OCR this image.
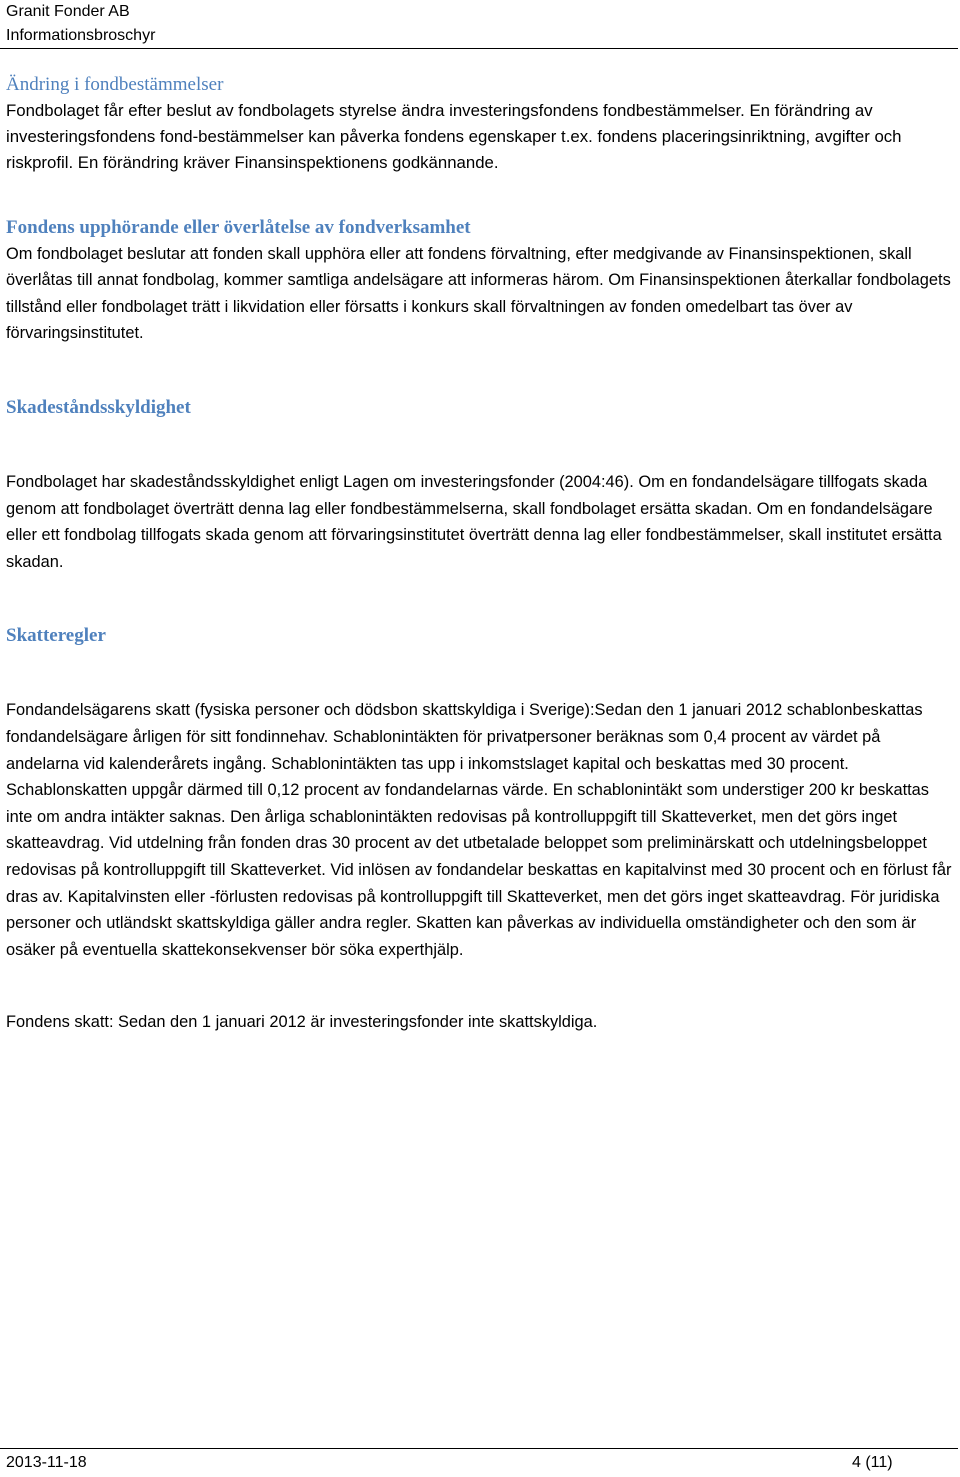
Granit Fonder AB
Informationsbroschyr
Ändring i fondbestämmelser

Fondbolaget får efter beslut av fondbolagets styrelse ändra investeringsfondens fondbestämmelser. En förändring av investeringsfondens fond-bestämmelser kan påverka fondens egenskaper t.ex. fondens placeringsinriktning, avgifter och riskprofil. En förändring kräver Finansinspektionens godkännande.

Fondens upphörande eller överlåtelse av fondverksamhet

Om fondbolaget beslutar att fonden skall upphöra eller att fondens förvaltning, efter medgivande av Finansinspektionen, skall överlåtas till annat fondbolag, kommer samtliga andelsägare att informeras härom. Om Finansinspektionen återkallar fondbolagets tillstånd eller fondbolaget trätt i likvidation eller försatts i konkurs skall förvaltningen av fonden omedelbart tas över av förvaringsinstitutet.

Skadeståndsskyldighet

Fondbolaget har skadeståndsskyldighet enligt Lagen om investeringsfonder (2004:46). Om en fondandelsägare tillfogats skada genom att fondbolaget överträtt denna lag eller fondbestämmelserna, skall fondbolaget ersätta skadan. Om en fondandelsägare eller ett fondbolag tillfogats skada genom att förvaringsinstitutet överträtt denna lag eller fondbestämmelser, skall institutet ersätta skadan.

Skatteregler

Fondandelsägarens skatt (fysiska personer och dödsbon skattskyldiga i Sverige):Sedan den 1 januari 2012 schablonbeskattas fondandelsägare årligen för sitt fondinnehav. Schablonintäkten för privatpersoner beräknas som 0,4 procent av värdet på andelarna vid kalenderårets ingång. Schablonintäkten tas upp i inkomstslaget kapital och beskattas med 30 procent. Schablonskatten uppgår därmed till 0,12 procent av fondandelarnas värde. En schablonintäkt som understiger 200 kr beskattas inte om andra intäkter saknas. Den årliga schablonintäkten redovisas på kontrolluppgift till Skatteverket, men det görs inget skatteavdrag. Vid utdelning från fonden dras 30 procent av det utbetalade beloppet som preliminärskatt och utdelningsbeloppet redovisas på kontrolluppgift till Skatteverket. Vid inlösen av fondandelar beskattas en kapitalvinst med 30 procent och en förlust får dras av. Kapitalvinsten eller -förlusten redovisas på kontrolluppgift till Skatteverket, men det görs inget skatteavdrag. För juridiska personer och utländskt skattskyldiga gäller andra regler. Skatten kan påverkas av individuella omständigheter och den som är osäker på eventuella skattekonsekvenser bör söka experthjälp.

Fondens skatt: Sedan den 1 januari 2012 är investeringsfonder inte skattskyldiga.

2013-11-18	4 (11)
